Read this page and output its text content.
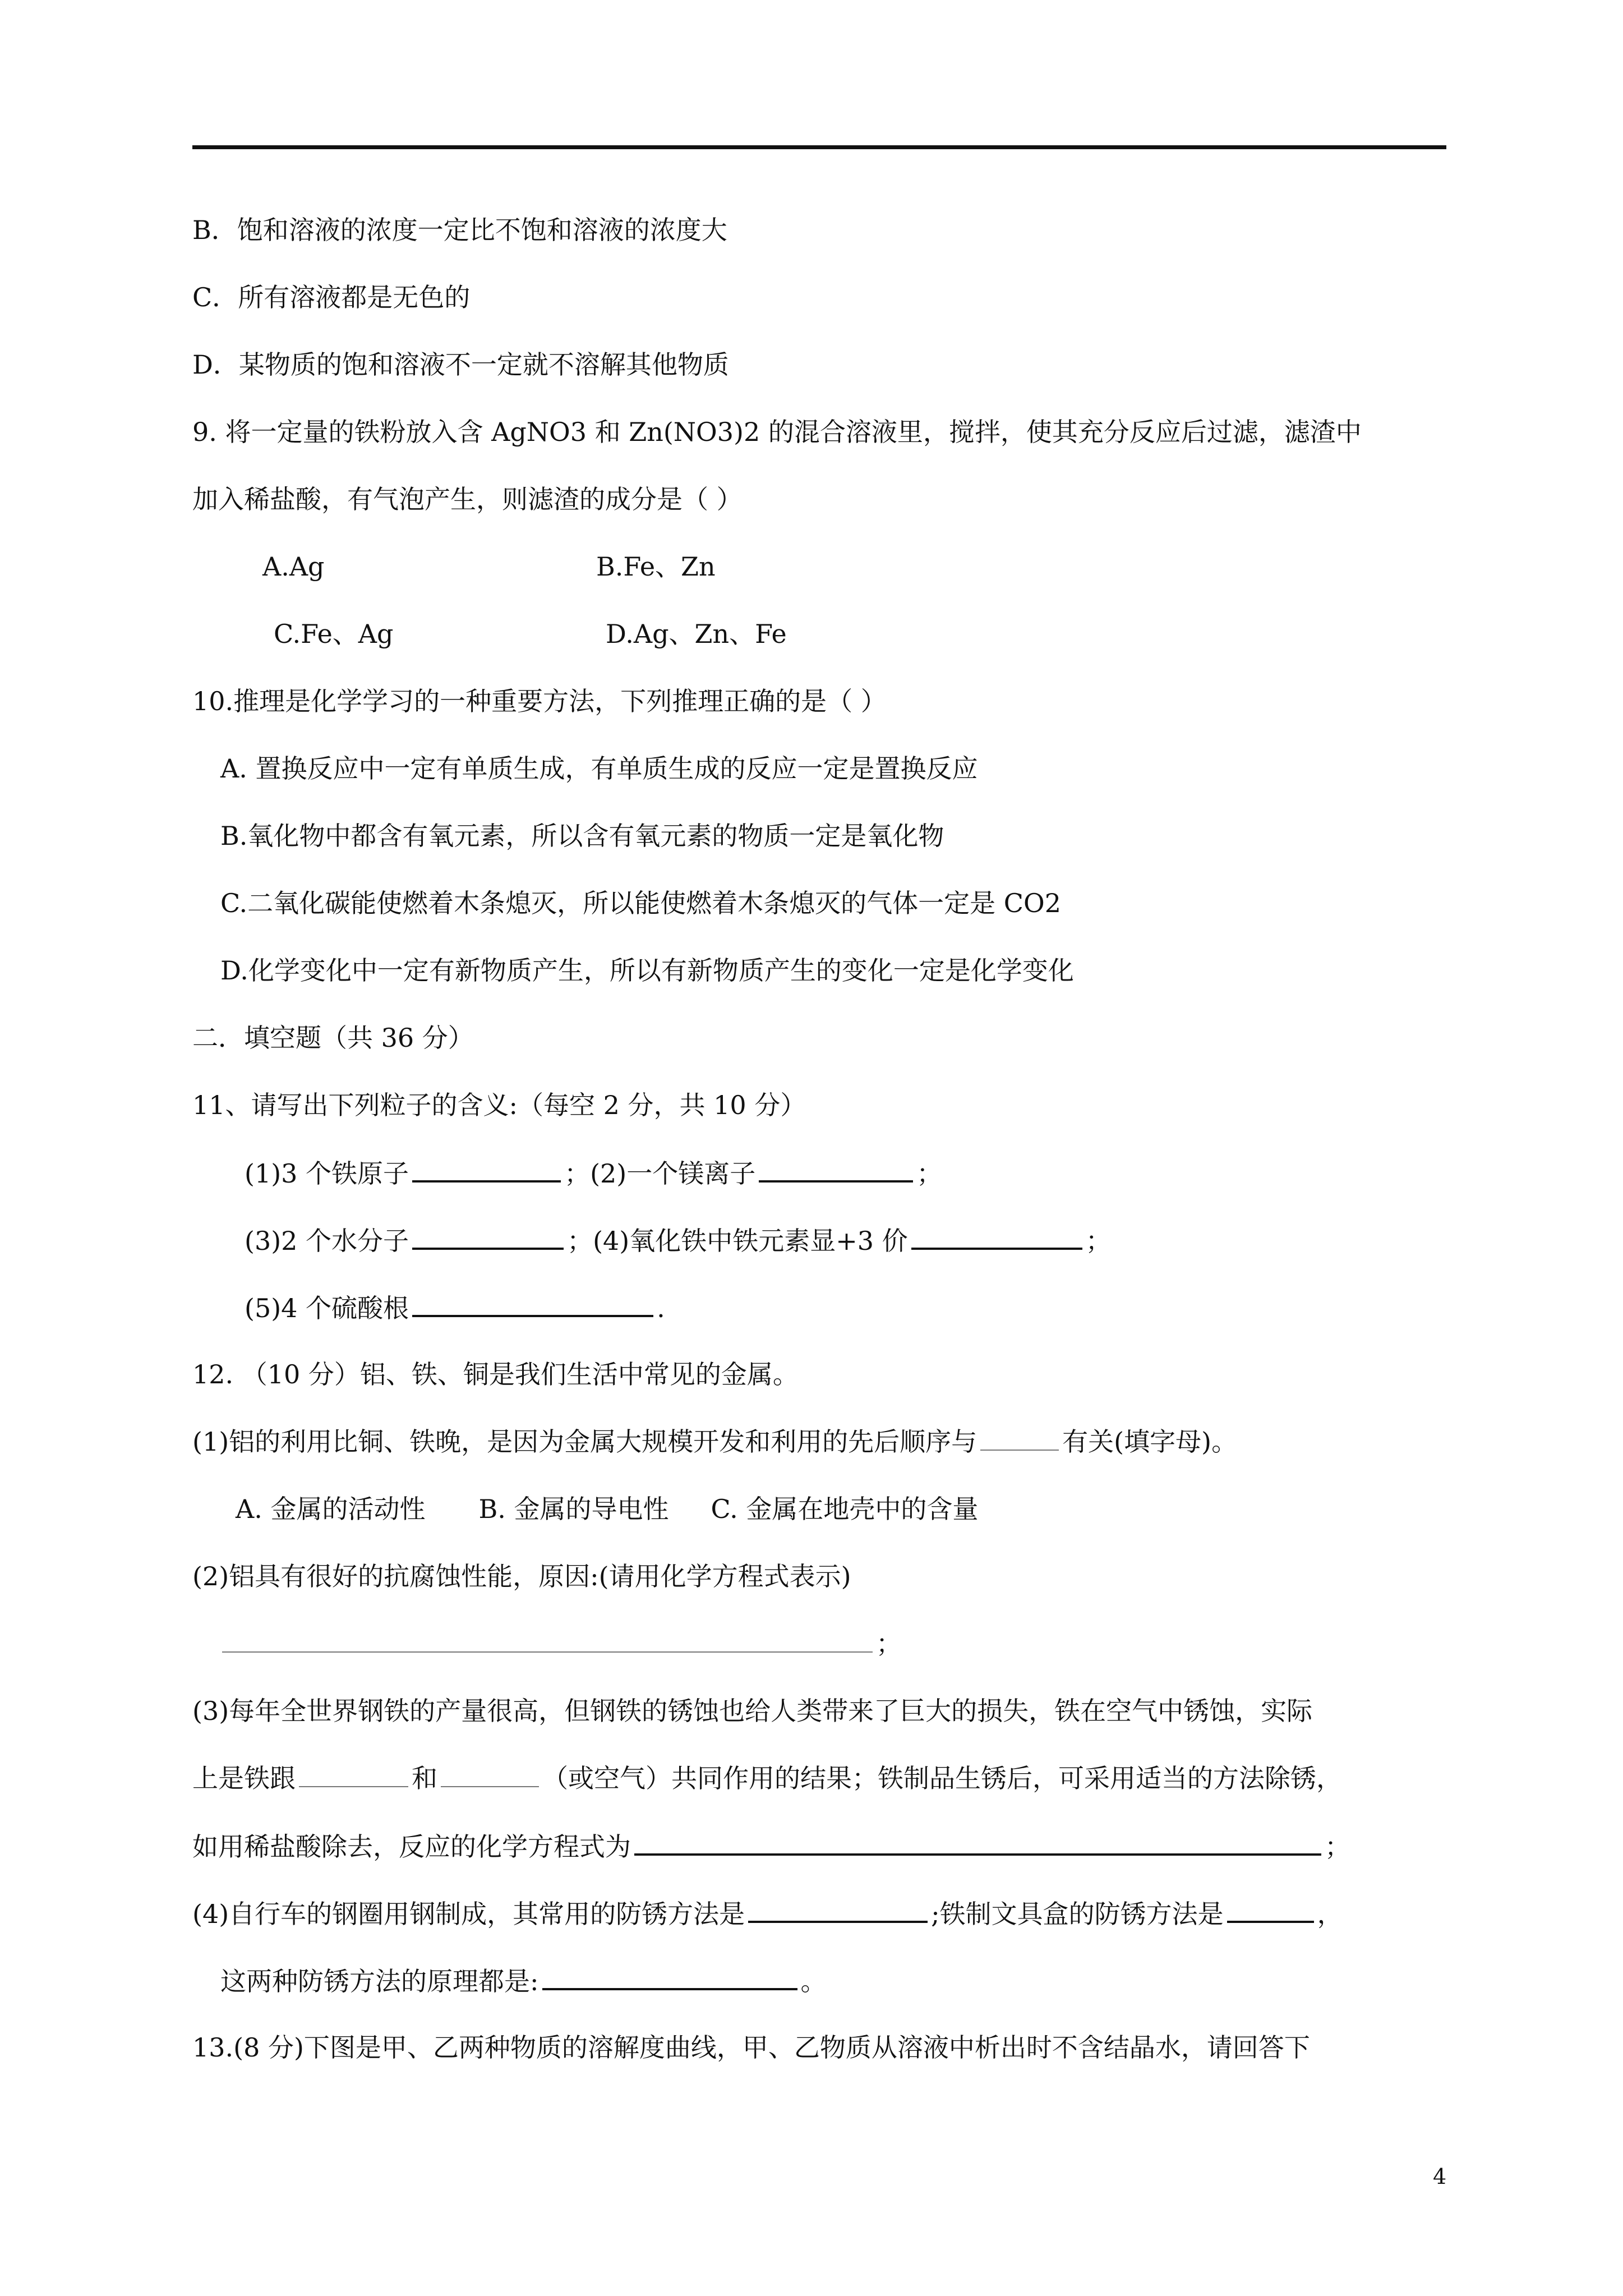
B．饱和溶液的浓度一定比不饱和溶液的浓度大
C．所有溶液都是无色的
D．某物质的饱和溶液不一定就不溶解其他物质
9. 将一定量的铁粉放入含 AgNO3 和 Zn(NO3)2 的混合溶液里，搅拌，使其充分反应后过滤，滤渣中
加入稀盐酸，有气泡产生，则滤渣的成分是（ ）
A.Ag	B.Fe、Zn
C.Fe、Ag	D.Ag、Zn、Fe
10.推理是化学学习的一种重要方法，下列推理正确的是（ ）
A. 置换反应中一定有单质生成，有单质生成的反应一定是置换反应
B.氧化物中都含有氧元素，所以含有氧元素的物质一定是氧化物
C.二氧化碳能使燃着木条熄灭，所以能使燃着木条熄灭的气体一定是 CO2
D.化学变化中一定有新物质产生，所以有新物质产生的变化一定是化学变化
二．填空题（共 36 分）
11、请写出下列粒子的含义:（每空 2 分，共 10 分）
(1)3 个铁原子	；(2)一个镁离子	；
(3)2 个水分子	；(4)氧化铁中铁元素显+3 价	；
(5)4 个硫酸根	.
12. （10 分）铝、铁、铜是我们生活中常见的金属。
(1)铝的利用比铜、铁晚，是因为金属大规模开发和利用的先后顺序与	有关(填字母)。
A. 金属的活动性 B. 金属的导电性 C. 金属在地壳中的含量
(2)铝具有很好的抗腐蚀性能，原因:(请用化学方程式表示)
；
(3)每年全世界钢铁的产量很高，但钢铁的锈蚀也给人类带来了巨大的损失，铁在空气中锈蚀，实际
上是铁跟	和	（或空气）共同作用的结果；铁制品生锈后，可采用适当的方法除锈，
如用稀盐酸除去，反应的化学方程式为	；
(4)自行车的钢圈用钢制成，其常用的防锈方法是	;铁制文具盒的防锈方法是	，
这两种防锈方法的原理都是:	。
13.(8 分)下图是甲、乙两种物质的溶解度曲线，甲、乙物质从溶液中析出时不含结晶水，请回答下
4
